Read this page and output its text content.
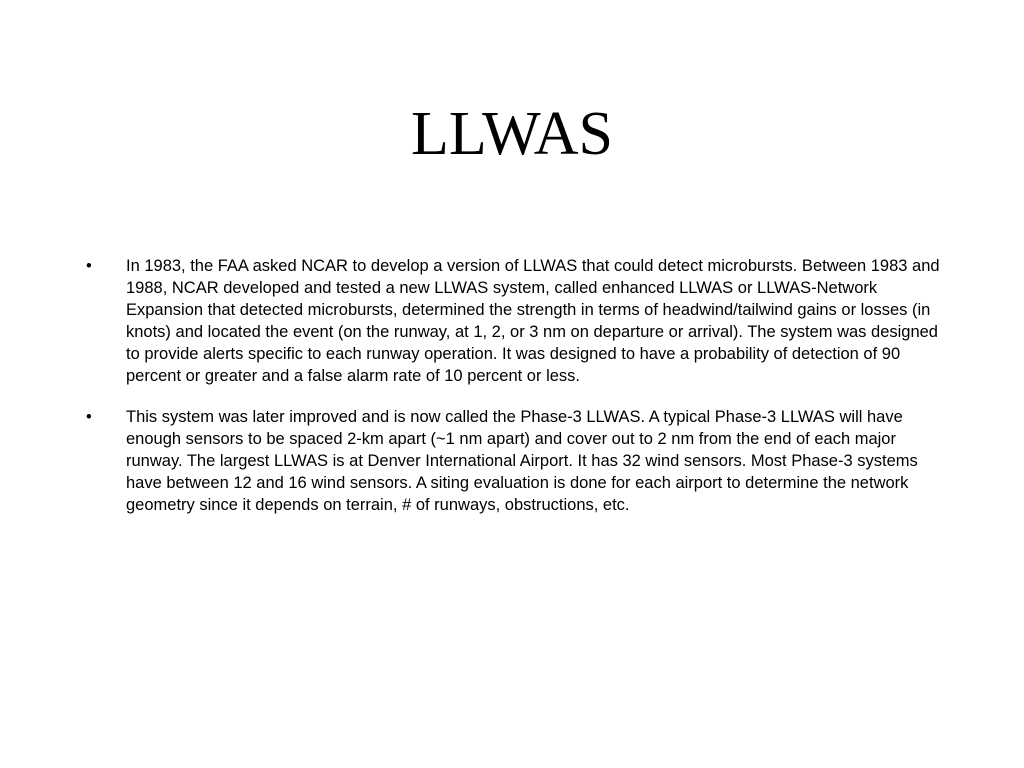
LLWAS
• In 1983, the FAA asked NCAR to develop a version of LLWAS that could detect microbursts. Between 1983 and 1988, NCAR developed and tested a new LLWAS system, called enhanced LLWAS or LLWAS-Network Expansion that detected microbursts, determined the strength in terms of headwind/tailwind gains or losses (in knots) and located the event (on the runway, at 1, 2, or 3 nm on departure or arrival). The system was designed to provide alerts specific to each runway operation. It was designed to have a probability of detection of 90 percent or greater and a false alarm rate of 10 percent or less.
• This system was later improved and is now called the Phase-3 LLWAS. A typical Phase-3 LLWAS will have enough sensors to be spaced 2-km apart (~1 nm apart) and cover out to 2 nm from the end of each major runway. The largest LLWAS is at Denver International Airport. It has 32 wind sensors. Most Phase-3 systems have between 12 and 16 wind sensors. A siting evaluation is done for each airport to determine the network geometry since it depends on terrain, # of runways, obstructions, etc.
